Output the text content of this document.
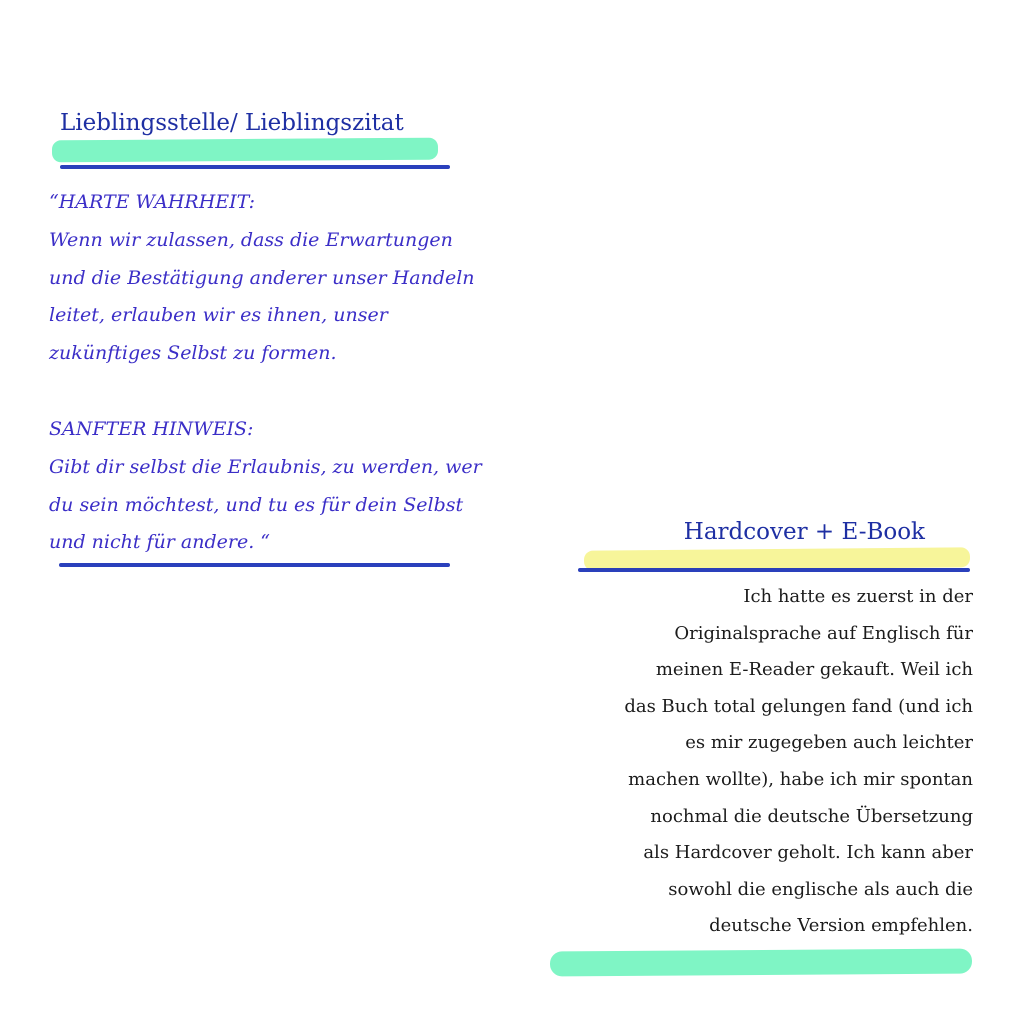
Lieblingsstelle/ Lieblingszitat

“HARTE WAHRHEIT:

Wenn wir zulassen, dass die Erwartungen

und die Bestätigung anderer unser Handeln

leitet, erlauben wir es ihnen, unser

zukünftiges Selbst zu formen.

SANFTER HINWEIS:

Gibt dir selbst die Erlaubnis, zu werden, wer

du sein möchtest, und tu es für dein Selbst

und nicht für andere. “	Hardcover + E-Book

Ich hatte es zuerst in der
Originalsprache auf Englisch für
meinen E-Reader gekauft. Weil ich
das Buch total gelungen fand (und ich
es mir zugegeben auch leichter
machen wollte), habe ich mir spontan
nochmal die deutsche Übersetzung
als Hardcover geholt. Ich kann aber
sowohl die englische als auch die
deutsche Version empfehlen.
